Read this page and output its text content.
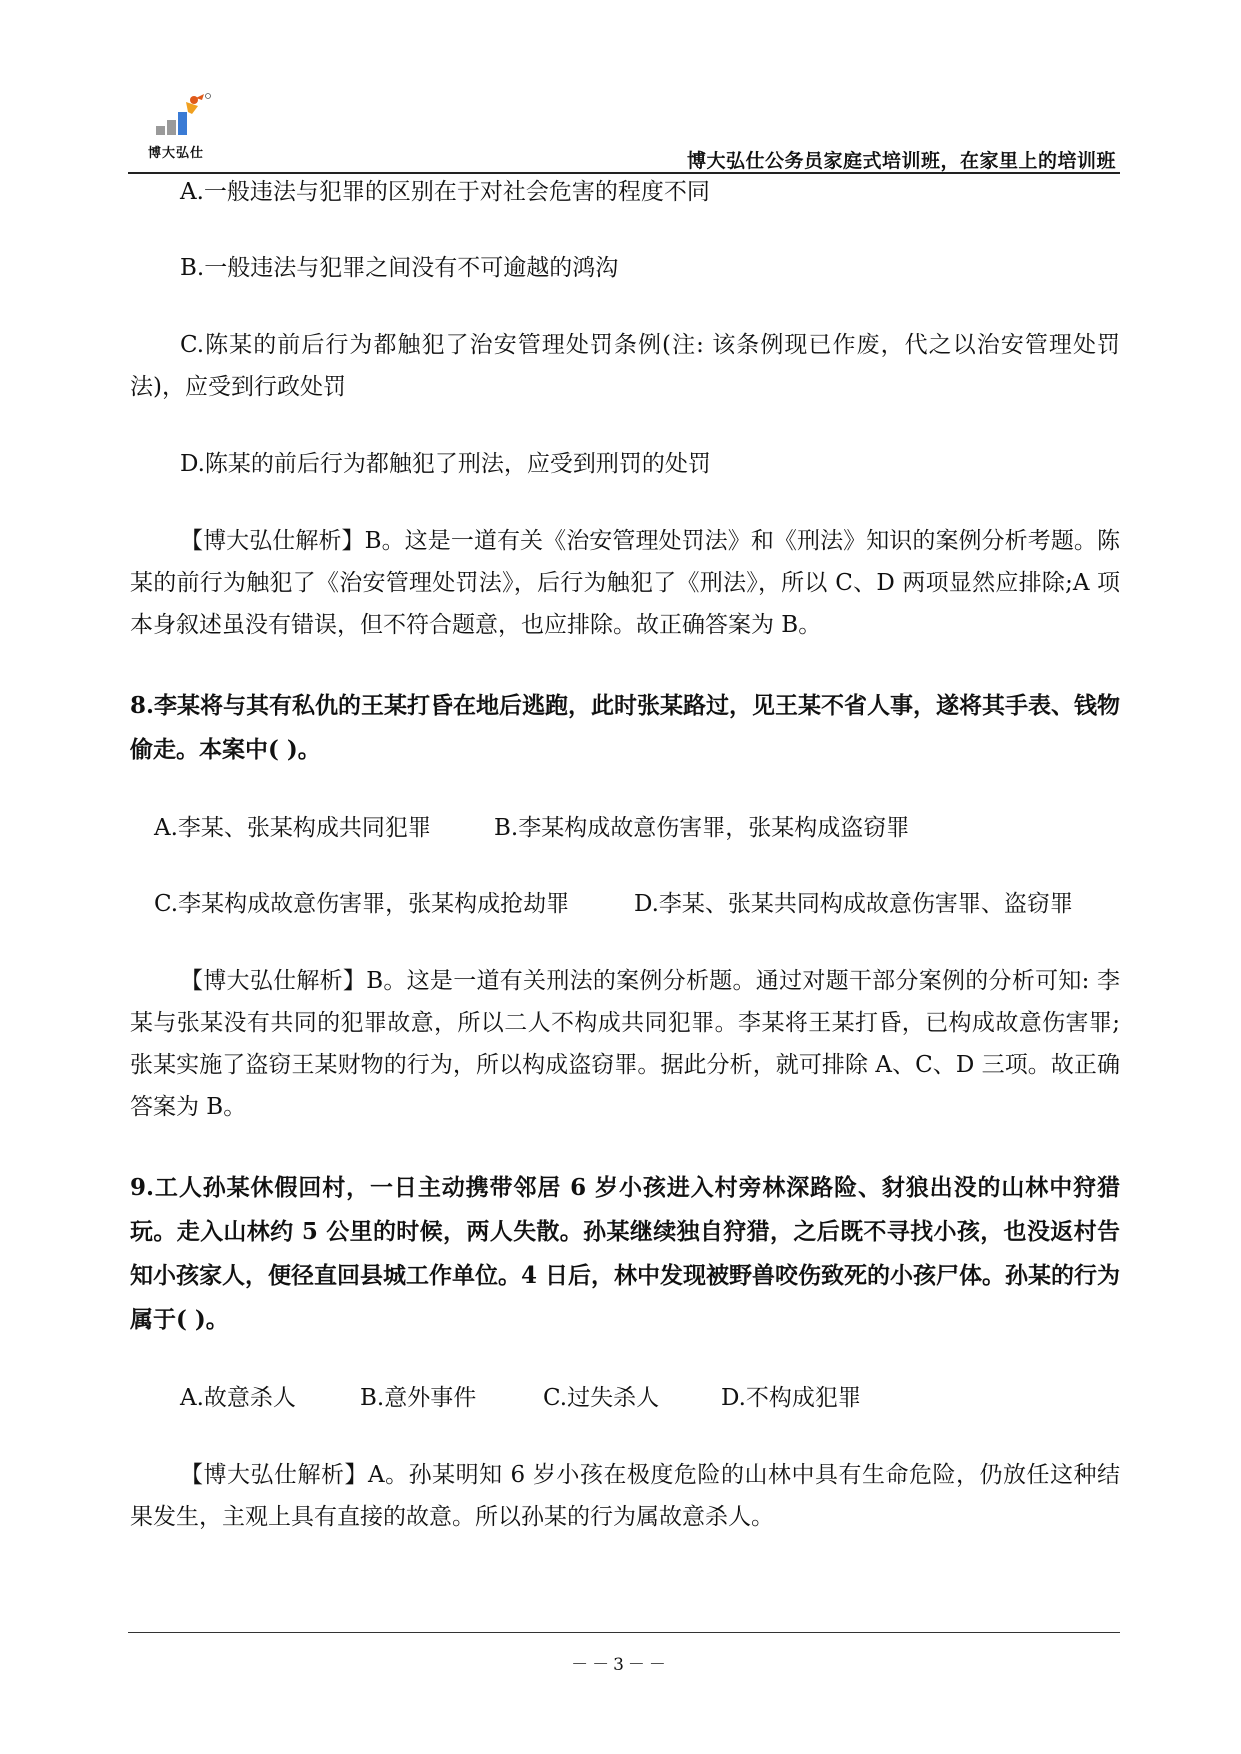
博大弘仕	博大弘仕公务员家庭式培训班，在家里上的培训班
A.一般违法与犯罪的区别在于对社会危害的程度不同
B.一般违法与犯罪之间没有不可逾越的鸿沟
C.陈某的前后行为都触犯了治安管理处罚条例(注: 该条例现已作废，代之以治安管理处罚法)，应受到行政处罚
D.陈某的前后行为都触犯了刑法，应受到刑罚的处罚
【博大弘仕解析】B。这是一道有关《治安管理处罚法》和《刑法》知识的案例分析考题。陈某的前行为触犯了《治安管理处罚法》，后行为触犯了《刑法》，所以 C、D 两项显然应排除;A 项本身叙述虽没有错误，但不符合题意，也应排除。故正确答案为 B。
8.李某将与其有私仇的王某打昏在地后逃跑，此时张某路过，见王某不省人事，遂将其手表、钱物偷走。本案中( )。
A.李某、张某构成共同犯罪	B.李某构成故意伤害罪，张某构成盗窃罪
C.李某构成故意伤害罪，张某构成抢劫罪	D.李某、张某共同构成故意伤害罪、盗窃罪
【博大弘仕解析】B。这是一道有关刑法的案例分析题。通过对题干部分案例的分析可知: 李某与张某没有共同的犯罪故意，所以二人不构成共同犯罪。李某将王某打昏，已构成故意伤害罪;张某实施了盗窃王某财物的行为，所以构成盗窃罪。据此分析，就可排除 A、C、D 三项。故正确答案为 B。
9.工人孙某休假回村，一日主动携带邻居 6 岁小孩进入村旁林深路险、豺狼出没的山林中狩猎玩。走入山林约 5 公里的时候，两人失散。孙某继续独自狩猎，之后既不寻找小孩，也没返村告知小孩家人，便径直回县城工作单位。4 日后，林中发现被野兽咬伤致死的小孩尸体。孙某的行为属于( )。
A.故意杀人	B.意外事件	C.过失杀人	D.不构成犯罪
【博大弘仕解析】A。孙某明知 6 岁小孩在极度危险的山林中具有生命危险，仍放任这种结果发生，主观上具有直接的故意。所以孙某的行为属故意杀人。
－－3－－
